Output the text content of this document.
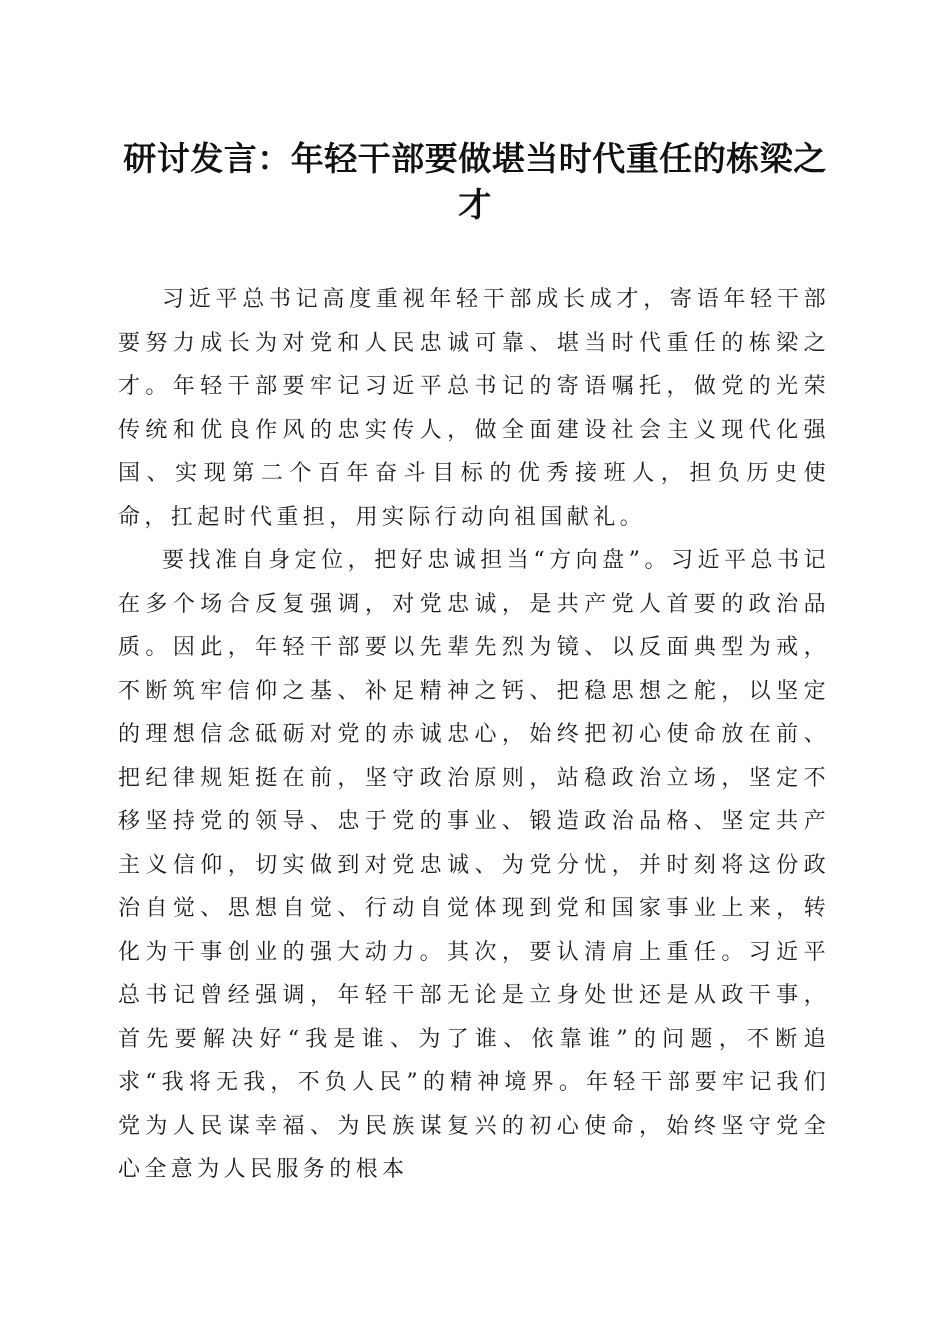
研讨发言：年轻干部要做堪当时代重任的栋梁之才

习近平总书记高度重视年轻干部成长成才，寄语年轻干部要努力成长为对党和人民忠诚可靠、堪当时代重任的栋梁之才。年轻干部要牢记习近平总书记的寄语嘱托，做党的光荣传统和优良作风的忠实传人，做全面建设社会主义现代化强国、实现第二个百年奋斗目标的优秀接班人，担负历史使命，扛起时代重担，用实际行动向祖国献礼。

要找准自身定位，把好忠诚担当“方向盘”。习近平总书记在多个场合反复强调，对党忠诚，是共产党人首要的政治品质。因此，年轻干部要以先辈先烈为镜、以反面典型为戒，不断筑牢信仰之基、补足精神之钙、把稳思想之舵，以坚定的理想信念砥砺对党的赤诚忠心，始终把初心使命放在前、把纪律规矩挺在前，坚守政治原则，站稳政治立场，坚定不移坚持党的领导、忠于党的事业、锻造政治品格、坚定共产主义信仰，切实做到对党忠诚、为党分忧，并时刻将这份政治自觉、思想自觉、行动自觉体现到党和国家事业上来，转化为干事创业的强大动力。其次，要认清肩上重任。习近平总书记曾经强调，年轻干部无论是立身处世还是从政干事，首先要解决好“我是谁、为了谁、依靠谁”的问题，不断追求“我将无我，不负人民”的精神境界。年轻干部要牢记我们党为人民谋幸福、为民族谋复兴的初心使命，始终坚守党全心全意为人民服务的根本
